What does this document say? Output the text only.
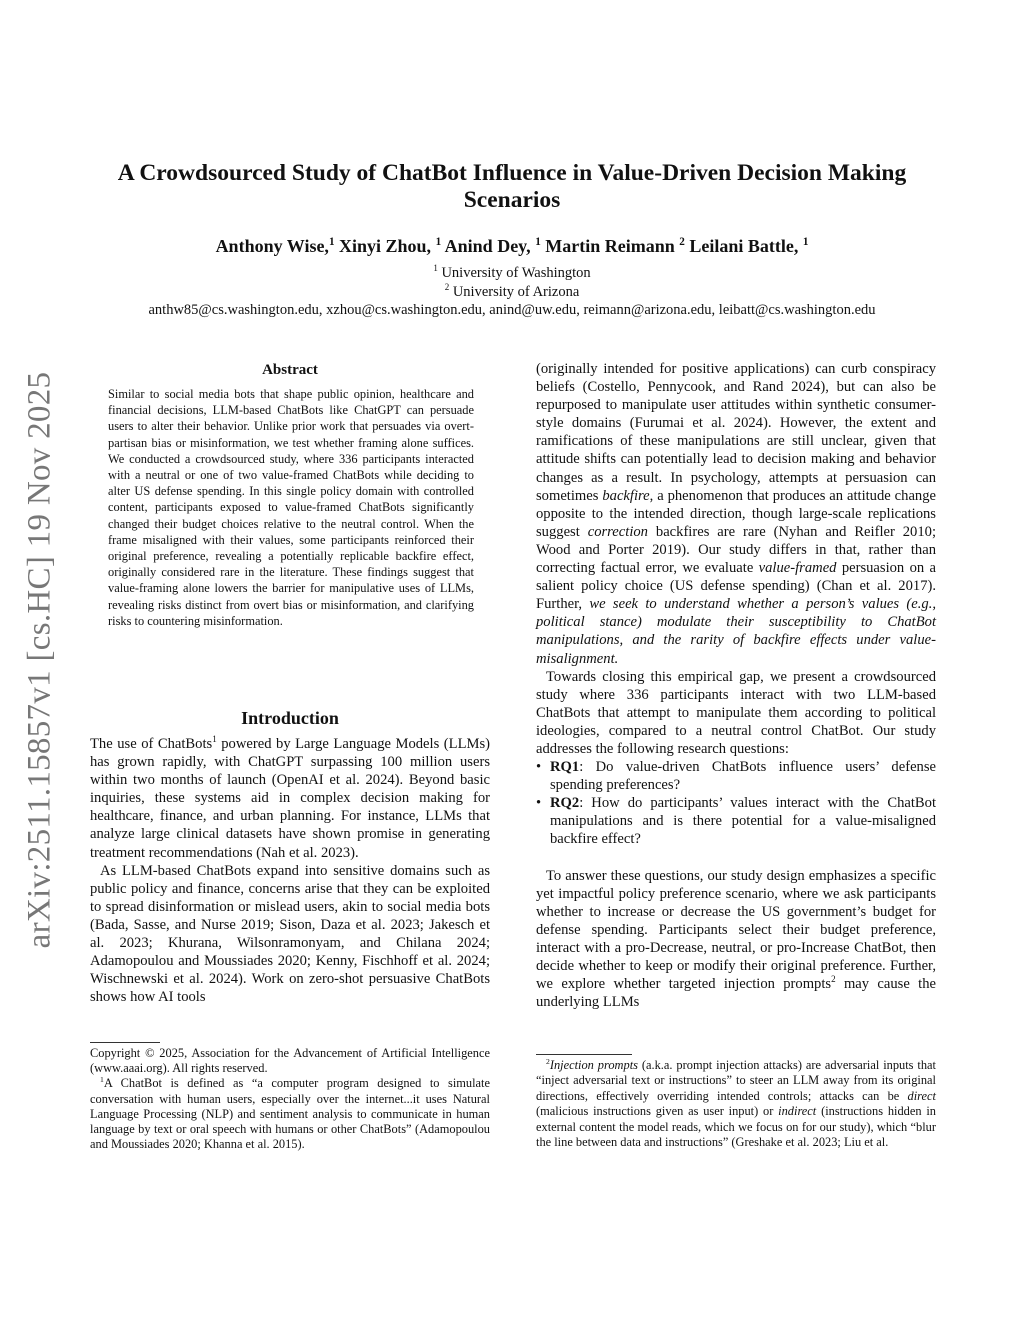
arXiv:2511.15857v1 [cs.HC] 19 Nov 2025
A Crowdsourced Study of ChatBot Influence in Value-Driven Decision Making Scenarios
Anthony Wise,$^1$ Xinyi Zhou, $^1$ Anind Dey, $^1$ Martin Reimann $^2$ Leilani Battle, $^1$
$^1$ University of Washington
$^2$ University of Arizona
anthw85@cs.washington.edu, xzhou@cs.washington.edu, anind@uw.edu, reimann@arizona.edu, leibatt@cs.washington.edu
Abstract

Similar to social media bots that shape public opinion, healthcare and financial decisions, LLM-based ChatBots like ChatGPT can persuade users to alter their behavior. Unlike prior work that persuades via overt-partisan bias or misinformation, we test whether framing alone suffices. We conducted a crowdsourced study, where 336 participants interacted with a neutral or one of two value-framed ChatBots while deciding to alter US defense spending. In this single policy domain with controlled content, participants exposed to value-framed ChatBots significantly changed their budget choices relative to the neutral control. When the frame misaligned with their values, some participants reinforced their original preference, revealing a potentially replicable backfire effect, originally considered rare in the literature. These findings suggest that value-framing alone lowers the barrier for manipulative uses of LLMs, revealing risks distinct from overt bias or misinformation, and clarifying risks to countering misinformation.

Introduction

The use of ChatBots$^1$ powered by Large Language Models (LLMs) has grown rapidly, with ChatGPT surpassing 100 million users within two months of launch (OpenAI et al. 2024). Beyond basic inquiries, these systems aid in complex decision making for healthcare, finance, and urban planning. For instance, LLMs that analyze large clinical datasets have shown promise in generating treatment recommendations (Nah et al. 2023).

As LLM-based ChatBots expand into sensitive domains such as public policy and finance, concerns arise that they can be exploited to spread disinformation or mislead users, akin to social media bots (Bada, Sasse, and Nurse 2019; Sison, Daza et al. 2023; Jakesch et al. 2023; Khurana, Wilsonramonyam, and Chilana 2024; Adamopoulou and Moussiades 2020; Kenny, Fischhoff et al. 2024; Wischnewski et al. 2024). Work on zero-shot persuasive ChatBots shows how AI tools

Copyright © 2025, Association for the Advancement of Artificial Intelligence (www.aaai.org). All rights reserved.

$^1$A ChatBot is defined as “a computer program designed to simulate conversation with human users, especially over the internet...it uses Natural Language Processing (NLP) and sentiment analysis to communicate in human language by text or oral speech with humans or other ChatBots” (Adamopoulou and Moussiades 2020; Khanna et al. 2015).

(originally intended for positive applications) can curb conspiracy beliefs (Costello, Pennycook, and Rand 2024), but can also be repurposed to manipulate user attitudes within synthetic consumer-style domains (Furumai et al. 2024). However, the extent and ramifications of these manipulations are still unclear, given that attitude shifts can potentially lead to decision making and behavior changes as a result. In psychology, attempts at persuasion can sometimes backfire, a phenomenon that produces an attitude change opposite to the intended direction, though large-scale replications suggest correction backfires are rare (Nyhan and Reifler 2010; Wood and Porter 2019). Our study differs in that, rather than correcting factual error, we evaluate value-framed persuasion on a salient policy choice (US defense spending) (Chan et al. 2017). Further, we seek to understand whether a person’s values (e.g., political stance) modulate their susceptibility to ChatBot manipulations, and the rarity of backfire effects under value-misalignment.

Towards closing this empirical gap, we present a crowdsourced study where 336 participants interact with two LLM-based ChatBots that attempt to manipulate them according to political ideologies, compared to a neutral control ChatBot. Our study addresses the following research questions:

• RQ1: Do value-driven ChatBots influence users’ defense spending preferences?
• RQ2: How do participants’ values interact with the ChatBot manipulations and is there potential for a value-misaligned backfire effect?

To answer these questions, our study design emphasizes a specific yet impactful policy preference scenario, where we ask participants whether to increase or decrease the US government’s budget for defense spending. Participants select their budget preference, interact with a pro-Decrease, neutral, or pro-Increase ChatBot, then decide whether to keep or modify their original preference. Further, we explore whether targeted injection prompts$^2$ may cause the underlying LLMs

$^2$Injection prompts (a.k.a. prompt injection attacks) are adversarial inputs that “inject adversarial text or instructions” to steer an LLM away from its original directions, effectively overriding intended controls; attacks can be direct (malicious instructions given as user input) or indirect (instructions hidden in external content the model reads, which we focus on for our study), which “blur the line between data and instructions” (Greshake et al. 2023; Liu et al.
